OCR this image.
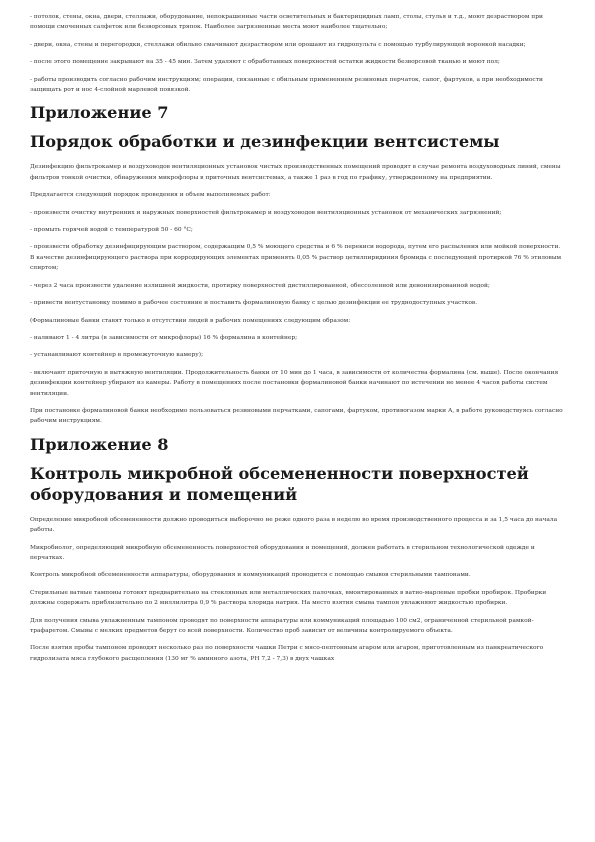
- потолок, стены, окна, двери, стеллажи, оборудование, непокрашенные части осветительных и бактерицидных ламп, столы, стулья и т.д., моют дезраствором при помощи смоченных салфеток или безворсовых тряпок. Наиболее загрязненные места моют наиболее тщательно;

- двери, окна, стены и перегородки, стеллажи обильно смачивают дезраствором или орошают из гидропульта с помощью турбулирующей воронкой насадки;

- после этого помещение закрывают на 35 - 45 мин. Затем удаляют с обработанных поверхностей остатки жидкости безворсовой тканью и моют пол;

- работы производить согласно рабочим инструкциям; операции, связанные с обильным применением резиновых перчаток, сапог, фартуков, а при необходимости защищать рот и нос 4-слойной марлевой повязкой.

Приложение 7
Порядок обработки и дезинфекции вентсистемы

Дезинфекцию фильтрокамер и воздуховодов вентиляционных установок чистых производственных помещений проводят в случае ремонта воздуховодных линий, смены фильтров тонкой очистки, обнаружения микрофлоры в приточных вентсистемах, а также 1 раз в год по графику, утвержденному на предприятии.

Предлагается следующий порядок проведения и объем выполняемых работ:

- произвести очистку внутренних и наружных поверхностей фильтрокамер и воздуховодов вентиляционных установок от механических загрязнений;

- промыть горячей водой с температурой 50 - 60 °С;

- произвести обработку дезинфицирующим раствором, содержащим 0,5 % моющего средства и 6 % перекиси водорода, путем его распыления или мойкой поверхности. В качестве дезинфицирующего раствора при корродирующих элементах применять 0,05 % раствор цетилпиридиния бромида с последующей протиркой 76 % этиловым спиртом;

- через 2 часа произвести удаление излишней жидкости, протирку поверхностей дистиллированной, обессоленной или деионизированной водой;

- привести вентустановку помимо в рабочее состояние и поставить формалиновую банку с целью дезинфекции ее труднодоступных участков.

(Формалиновые банки ставят только в отсутствии людей в рабочих помещениях следующим образом:

- наливают 1 - 4 литра (в зависимости от микрофлоры) 16 % формалина в контейнер;

- устанавливают контейнер в промежуточную камеру);

- включают приточную и вытяжную вентиляции. Продолжительность банки от 10 мин до 1 часа, в зависимости от количества формалина (см. выше). После окончания дезинфекции контейнер убирают из камеры. Работу в помещениях после постановки формалиновой банки начинают по истечении не менее 4 часов работы систем вентиляции.

При постановке формалиновой банки необходимо пользоваться резиновыми перчатками, сапогами, фартуком, противогазом марки А, в работе руководствуясь согласно рабочим инструкциям.

Приложение 8
Контроль микробной обсемененности поверхностей оборудования и помещений

Определение микробной обсемененности должно проводиться выборочно не реже одного раза в неделю во время производственного процесса и за 1,5 часа до начала работы.

Микробиолог, определяющий микробную обсемененность поверхностей оборудования и помещений, должен работать в стерильном технологической одежде и перчатках.

Контроль микробной обсемененности аппаратуры, оборудования и коммуникаций проводится с помощью смывов стерильными тампонами.

Стерильные ватные тампоны готовят предварительно на стеклянных или металлических палочках, вмонтированных в ватно-марлевые пробки пробирок. Пробирки должны содержать приблизительно по 2 миллилитра 0,9 % раствора хлорида натрия. На место взятия смыва тампон увлажняют жидкостью пробирки.

Для получения смыва увлажненным тампоном проводят по поверхности аппаратуры или коммуникаций площадью 100 см2, ограниченной стерильной рамкой-трафаретом. Смывы с мелких предметов берут со всей поверхности. Количество проб зависит от величины контролируемого объекта.

После взятия пробы тампоном проводят несколько раз по поверхности чашки Петри с мясо-пептонным агаром или агаром, приготовленным из панкреатического гидролизата мяса глубокого расщепления (130 мг % аминного азота, РН 7,2 - 7,3) в двух чашках
